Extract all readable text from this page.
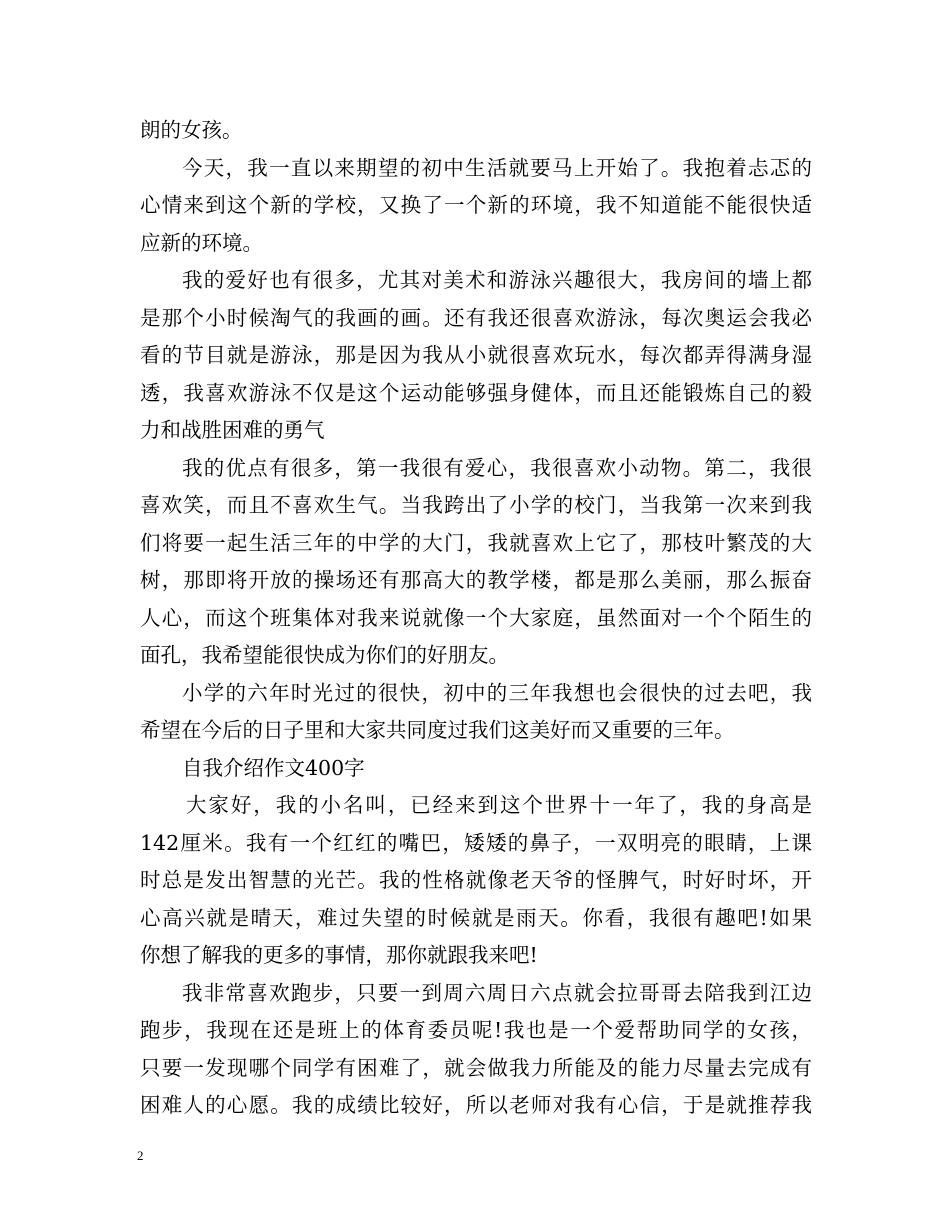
朗的女孩。
今天，我一直以来期望的初中生活就要马上开始了。我抱着忐忑的
心情来到这个新的学校，又换了一个新的环境，我不知道能不能很快适
应新的环境。
我的爱好也有很多，尤其对美术和游泳兴趣很大，我房间的墙上都
是那个小时候淘气的我画的画。还有我还很喜欢游泳，每次奥运会我必
看的节目就是游泳，那是因为我从小就很喜欢玩水，每次都弄得满身湿
透，我喜欢游泳不仅是这个运动能够强身健体，而且还能锻炼自己的毅
力和战胜困难的勇气
我的优点有很多，第一我很有爱心，我很喜欢小动物。第二，我很
喜欢笑，而且不喜欢生气。当我跨出了小学的校门，当我第一次来到我
们将要一起生活三年的中学的大门，我就喜欢上它了，那枝叶繁茂的大
树，那即将开放的操场还有那高大的教学楼，都是那么美丽，那么振奋
人心，而这个班集体对我来说就像一个大家庭，虽然面对一个个陌生的
面孔，我希望能很快成为你们的好朋友。
小学的六年时光过的很快，初中的三年我想也会很快的过去吧，我
希望在今后的日子里和大家共同度过我们这美好而又重要的三年。
自我介绍作文400字
大家好，我的小名叫，已经来到这个世界十一年了，我的身高是
142厘米。我有一个红红的嘴巴，矮矮的鼻子，一双明亮的眼睛，上课
时总是发出智慧的光芒。我的性格就像老天爷的怪脾气，时好时坏，开
心高兴就是晴天，难过失望的时候就是雨天。你看，我很有趣吧!如果
你想了解我的更多的事情，那你就跟我来吧!
我非常喜欢跑步，只要一到周六周日六点就会拉哥哥去陪我到江边
跑步，我现在还是班上的体育委员呢!我也是一个爱帮助同学的女孩，
只要一发现哪个同学有困难了，就会做我力所能及的能力尽量去完成有
困难人的心愿。我的成绩比较好，所以老师对我有心信，于是就推荐我
2
